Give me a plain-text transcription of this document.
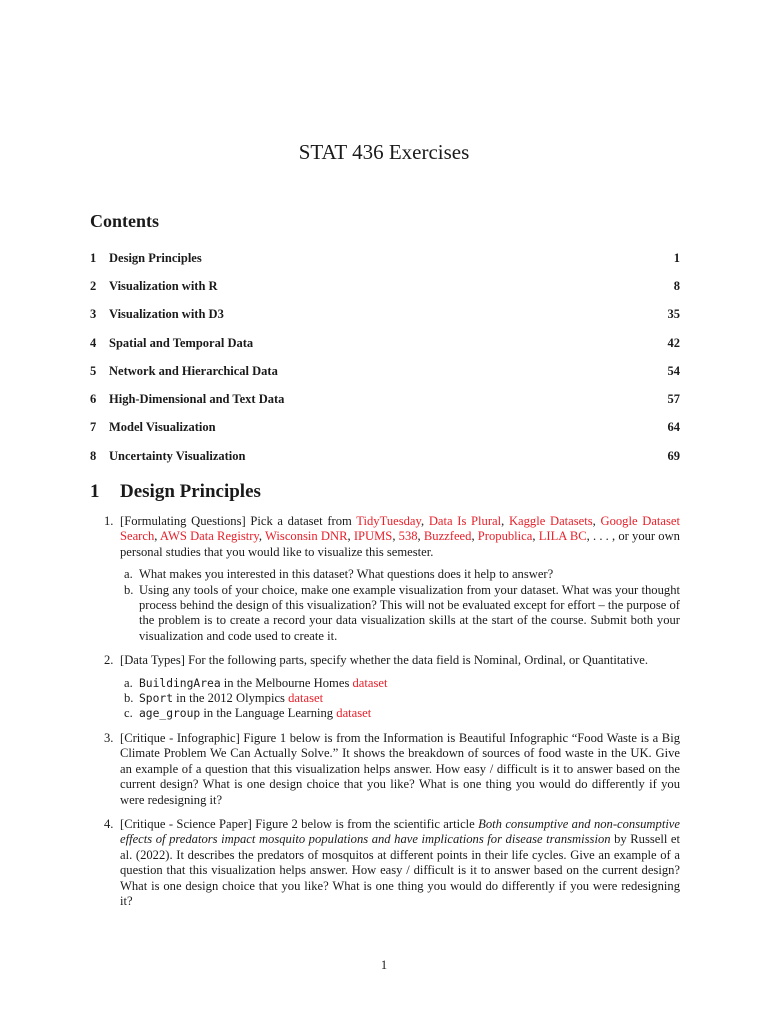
STAT 436 Exercises
Contents
1	Design Principles	1
2	Visualization with R	8
3	Visualization with D3	35
4	Spatial and Temporal Data	42
5	Network and Hierarchical Data	54
6	High-Dimensional and Text Data	57
7	Model Visualization	64
8	Uncertainty Visualization	69
1 Design Principles
1. [Formulating Questions] Pick a dataset from TidyTuesday, Data Is Plural, Kaggle Datasets, Google Dataset Search, AWS Data Registry, Wisconsin DNR, IPUMS, 538, Buzzfeed, Propublica, LILA BC, . . . , or your own personal studies that you would like to visualize this semester.
a. What makes you interested in this dataset? What questions does it help to answer?
b. Using any tools of your choice, make one example visualization from your dataset. What was your thought process behind the design of this visualization? This will not be evaluated except for effort – the purpose of the problem is to create a record your data visualization skills at the start of the course. Submit both your visualization and code used to create it.
2. [Data Types] For the following parts, specify whether the data field is Nominal, Ordinal, or Quantitative.
a. BuildingArea in the Melbourne Homes dataset
b. Sport in the 2012 Olympics dataset
c. age_group in the Language Learning dataset
3. [Critique - Infographic] Figure 1 below is from the Information is Beautiful Infographic “Food Waste is a Big Climate Problem We Can Actually Solve.” It shows the breakdown of sources of food waste in the UK. Give an example of a question that this visualization helps answer. How easy / difficult is it to answer based on the current design? What is one design choice that you like? What is one thing you would do differently if you were redesigning it?
4. [Critique - Science Paper] Figure 2 below is from the scientific article Both consumptive and non-consumptive effects of predators impact mosquito populations and have implications for disease transmission by Russell et al. (2022). It describes the predators of mosquitos at different points in their life cycles. Give an example of a question that this visualization helps answer. How easy / difficult is it to answer based on the current design? What is one design choice that you like? What is one thing you would do differently if you were redesigning it?
1
